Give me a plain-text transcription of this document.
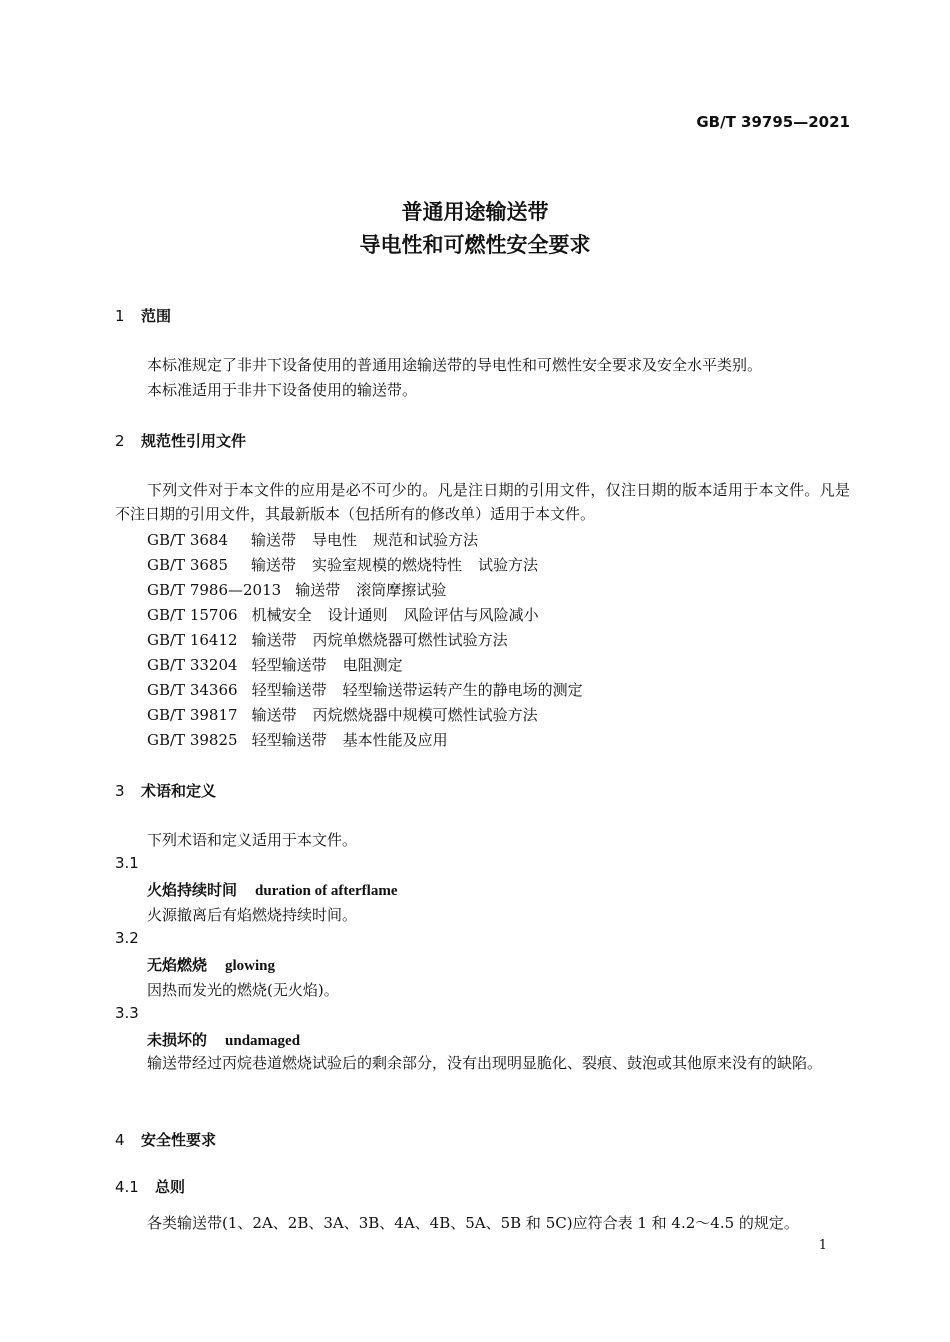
GB/T 39795—2021
普通用途输送带
导电性和可燃性安全要求
1 范围
本标准规定了非井下设备使用的普通用途输送带的导电性和可燃性安全要求及安全水平类别。
本标准适用于非井下设备使用的输送带。
2 规范性引用文件
下列文件对于本文件的应用是必不可少的。凡是注日期的引用文件，仅注日期的版本适用于本文件。凡是不注日期的引用文件，其最新版本（包括所有的修改单）适用于本文件。
GB/T 3684 输送带 导电性 规范和试验方法
GB/T 3685 输送带 实验室规模的燃烧特性 试验方法
GB/T 7986—2013 输送带 滚筒摩擦试验
GB/T 15706 机械安全 设计通则 风险评估与风险减小
GB/T 16412 输送带 丙烷单燃烧器可燃性试验方法
GB/T 33204 轻型输送带 电阻测定
GB/T 34366 轻型输送带 轻型输送带运转产生的静电场的测定
GB/T 39817 输送带 丙烷燃烧器中规模可燃性试验方法
GB/T 39825 轻型输送带 基本性能及应用
3 术语和定义
下列术语和定义适用于本文件。
3.1
火焰持续时间 duration of afterflame
火源撤离后有焰燃烧持续时间。
3.2
无焰燃烧 glowing
因热而发光的燃烧(无火焰)。
3.3
未损坏的 undamaged
输送带经过丙烷巷道燃烧试验后的剩余部分，没有出现明显脆化、裂痕、鼓泡或其他原来没有的缺陷。
4 安全性要求
4.1 总则
各类输送带(1、2A、2B、3A、3B、4A、4B、5A、5B 和 5C)应符合表 1 和 4.2～4.5 的规定。
1
